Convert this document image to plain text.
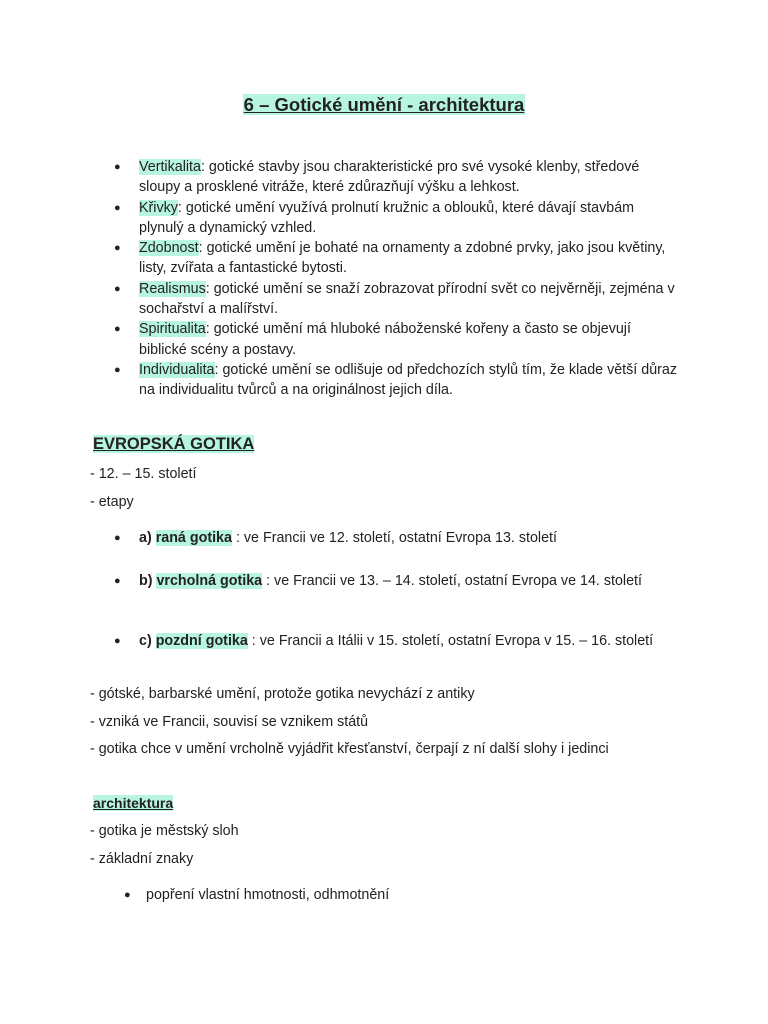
6 – Gotické umění - architektura
● Vertikalita: gotické stavby jsou charakteristické pro své vysoké klenby, středové sloupy a prosklené vitráže, které zdůrazňují výšku a lehkost.
● Křivky: gotické umění využívá prolnutí kružnic a oblouků, které dávají stavbám plynulý a dynamický vzhled.
● Zdobnost: gotické umění je bohaté na ornamenty a zdobné prvky, jako jsou květiny, listy, zvířata a fantastické bytosti.
● Realismus: gotické umění se snaží zobrazovat přírodní svět co nejvěrněji, zejména v sochařství a malířství.
● Spiritualita: gotické umění má hluboké náboženské kořeny a často se objevují biblické scény a postavy.
● Individualita: gotické umění se odlišuje od předchozích stylů tím, že klade větší důraz na individualitu tvůrců a na originálnost jejich díla.
EVROPSKÁ GOTIKA

- 12. – 15. století

- etapy

● a) raná gotika : ve Francii ve 12. století, ostatní Evropa 13. století
● b) vrcholná gotika : ve Francii ve 13. – 14. století, ostatní Evropa ve 14. století
● c) pozdní gotika : ve Francii a Itálii v 15. století, ostatní Evropa v 15. – 16. století

- gótské, barbarské umění, protože gotika nevychází z antiky

- vzniká ve Francii, souvisí se vznikem států

- gotika chce v umění vrcholně vyjádřit křesťanství, čerpají z ní další slohy i jedinci

architektura

- gotika je městský sloh

- základní znaky

● popření vlastní hmotnosti, odhmotnění
